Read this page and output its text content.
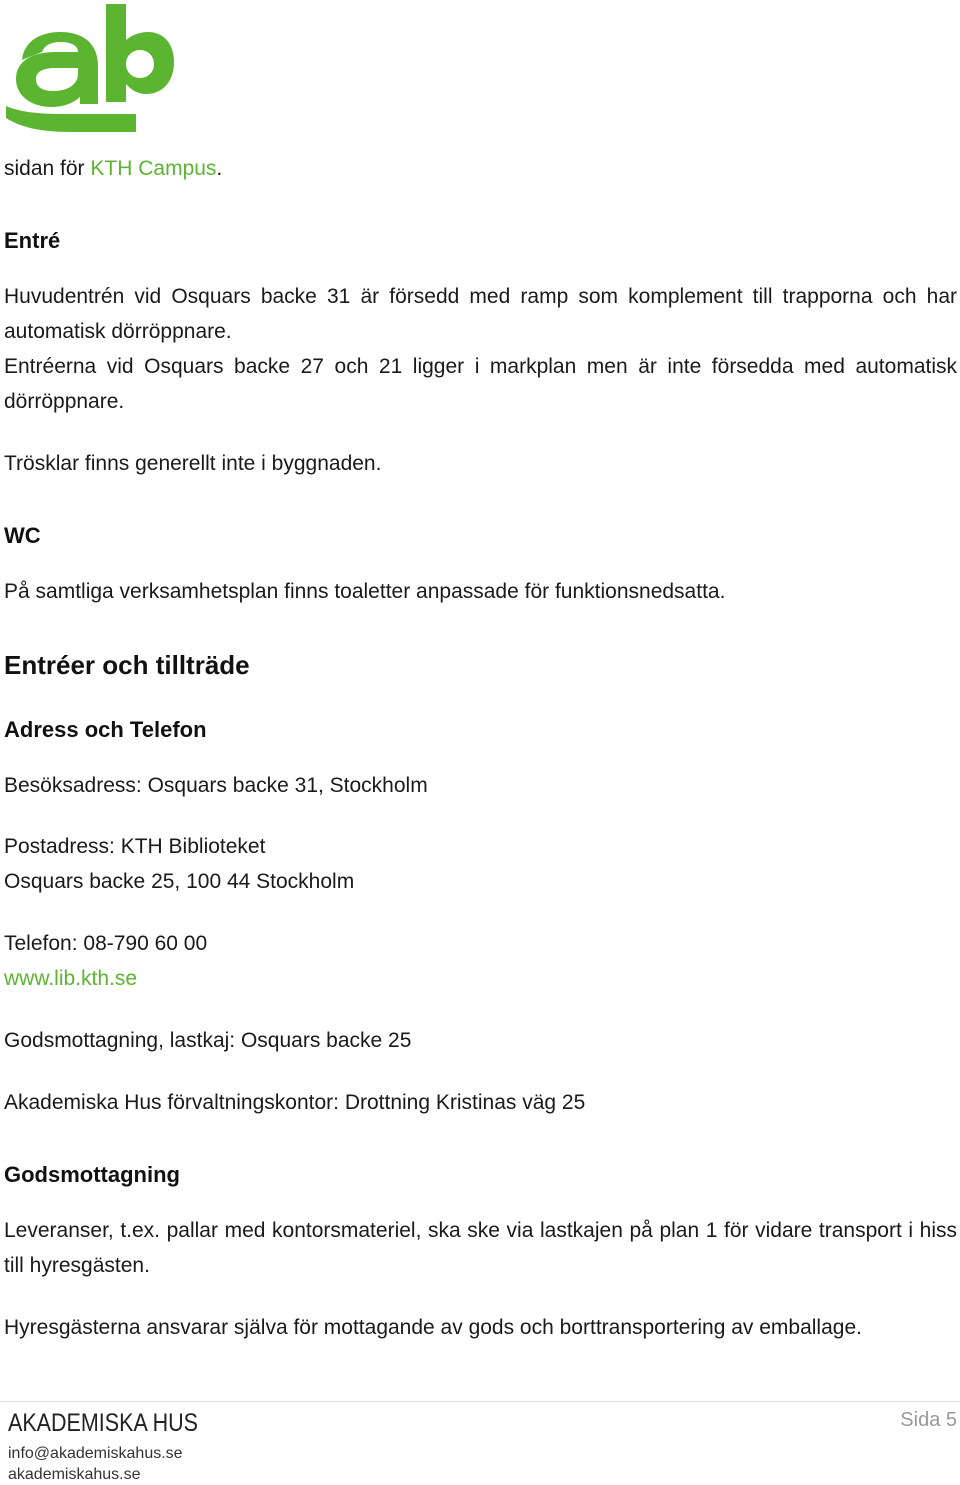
sidan för KTH Campus.

Entré

Huvudentrén vid Osquars backe 31 är försedd med ramp som komplement till trapporna och har automatisk dörröppnare.

Entréerna vid Osquars backe 27 och 21 ligger i markplan men är inte försedda med automatisk dörröppnare.

Trösklar finns generellt inte i byggnaden.

WC

På samtliga verksamhetsplan finns toaletter anpassade för funktionsnedsatta.

Entréer och tillträde
Adress och Telefon

Besöksadress: Osquars backe 31, Stockholm

Postadress: KTH Biblioteket

Osquars backe 25, 100 44 Stockholm

Telefon: 08-790 60 00

www.lib.kth.se

Godsmottagning, lastkaj: Osquars backe 25

Akademiska Hus förvaltningskontor: Drottning Kristinas väg 25

Godsmottagning

Leveranser, t.ex. pallar med kontorsmateriel, ska ske via lastkajen på plan 1 för vidare transport i hiss till hyresgästen.

Hyresgästerna ansvarar själva för mottagande av gods och borttransportering av emballage.

AKADEMISKA HUS
info@akademiskahus.se
akademiskahus.se
Sida 5
